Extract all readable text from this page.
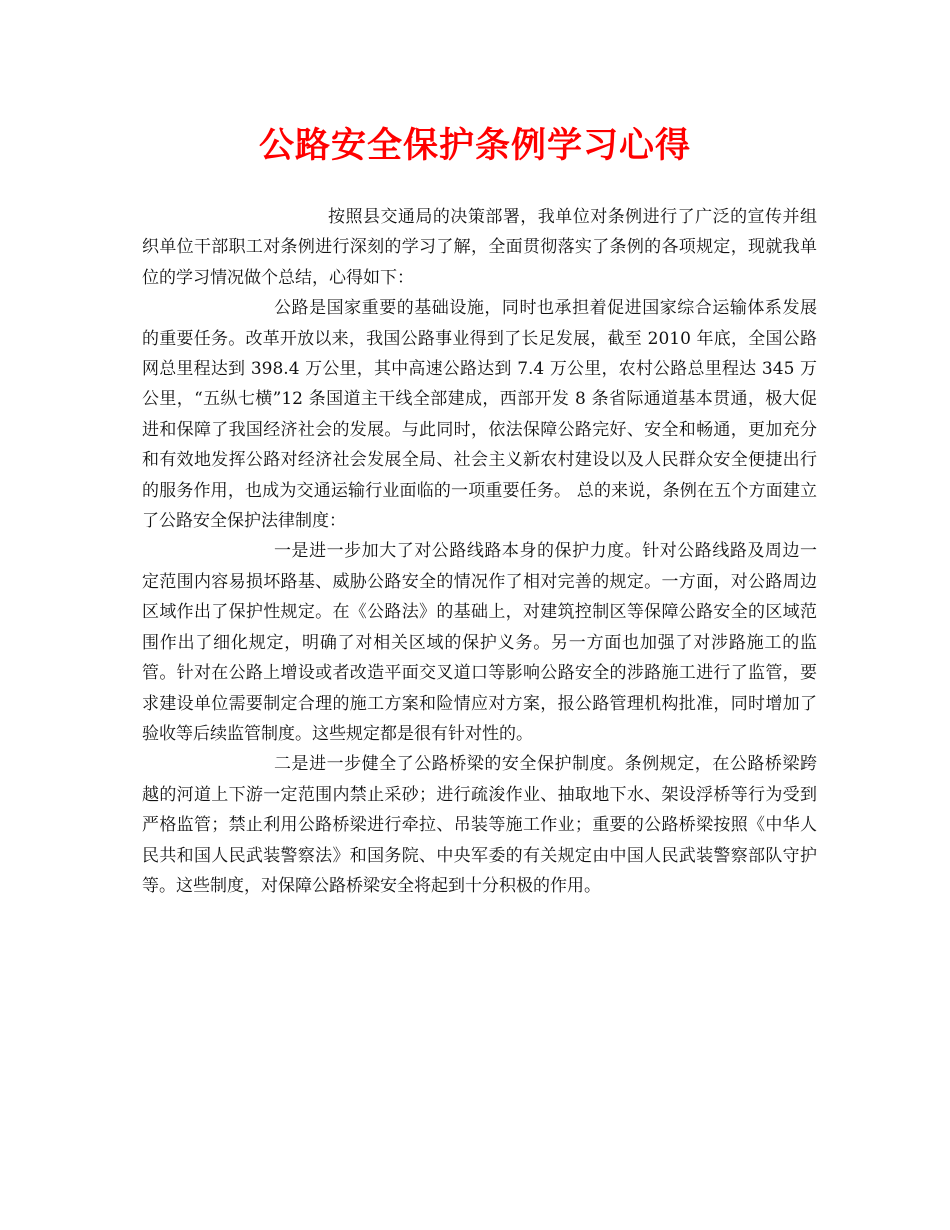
公路安全保护条例学习心得

按照县交通局的决策部署，我单位对条例进行了广泛的宣传并组织单位干部职工对条例进行深刻的学习了解，全面贯彻落实了条例的各项规定，现就我单位的学习情况做个总结，心得如下：

公路是国家重要的基础设施，同时也承担着促进国家综合运输体系发展的重要任务。改革开放以来，我国公路事业得到了长足发展，截至 2010 年底，全国公路网总里程达到 398.4 万公里，其中高速公路达到 7.4 万公里，农村公路总里程达 345 万公里，“五纵七横”12 条国道主干线全部建成，西部开发 8 条省际通道基本贯通，极大促进和保障了我国经济社会的发展。与此同时，依法保障公路完好、安全和畅通，更加充分和有效地发挥公路对经济社会发展全局、社会主义新农村建设以及人民群众安全便捷出行的服务作用，也成为交通运输行业面临的一项重要任务。 总的来说，条例在五个方面建立了公路安全保护法律制度：

一是进一步加大了对公路线路本身的保护力度。针对公路线路及周边一定范围内容易损坏路基、威胁公路安全的情况作了相对完善的规定。一方面，对公路周边区域作出了保护性规定。在《公路法》的基础上，对建筑控制区等保障公路安全的区域范围作出了细化规定，明确了对相关区域的保护义务。另一方面也加强了对涉路施工的监管。针对在公路上增设或者改造平面交叉道口等影响公路安全的涉路施工进行了监管，要求建设单位需要制定合理的施工方案和险情应对方案，报公路管理机构批准，同时增加了验收等后续监管制度。这些规定都是很有针对性的。

二是进一步健全了公路桥梁的安全保护制度。条例规定，在公路桥梁跨越的河道上下游一定范围内禁止采砂；进行疏浚作业、抽取地下水、架设浮桥等行为受到严格监管；禁止利用公路桥梁进行牵拉、吊装等施工作业；重要的公路桥梁按照《中华人民共和国人民武装警察法》和国务院、中央军委的有关规定由中国人民武装警察部队守护等。这些制度，对保障公路桥梁安全将起到十分积极的作用。
